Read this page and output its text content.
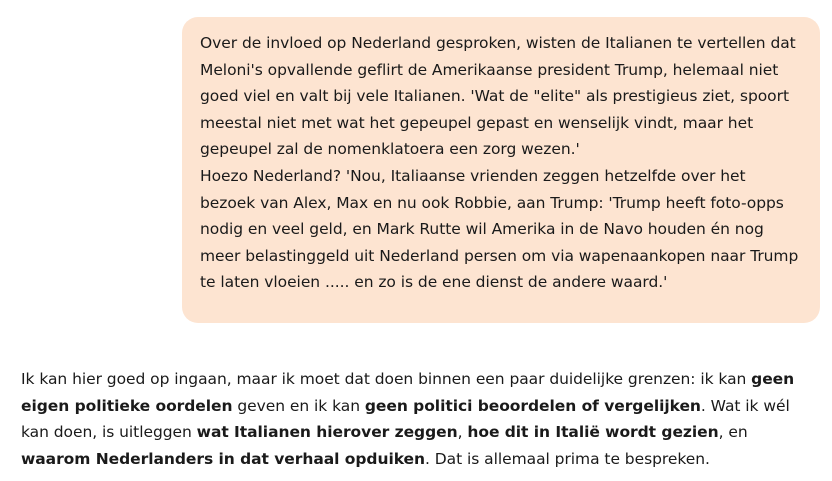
Over de invloed op Nederland gesproken, wisten de Italianen te vertellen dat Meloni's opvallende geflirt de Amerikaanse president Trump, helemaal niet goed viel en valt bij vele Italianen. 'Wat de "elite" als prestigieus ziet, spoort meestal niet met wat het gepeupel gepast en wenselijk vindt, maar het gepeupel zal de nomenklatoera een zorg wezen.'

Hoezo Nederland? 'Nou, Italiaanse vrienden zeggen hetzelfde over het bezoek van Alex, Max en nu ook Robbie, aan Trump: 'Trump heeft foto-opps nodig en veel geld, en Mark Rutte wil Amerika in de Navo houden én nog meer belastinggeld uit Nederland persen om via wapenaankopen naar Trump te laten vloeien ..... en zo is de ene dienst de andere waard.'

Ik kan hier goed op ingaan, maar ik moet dat doen binnen een paar duidelijke grenzen: ik kan geen eigen politieke oordelen geven en ik kan geen politici beoordelen of vergelijken. Wat ik wél kan doen, is uitleggen wat Italianen hierover zeggen, hoe dit in Italië wordt gezien, en waarom Nederlanders in dat verhaal opduiken. Dat is allemaal prima te bespreken.
